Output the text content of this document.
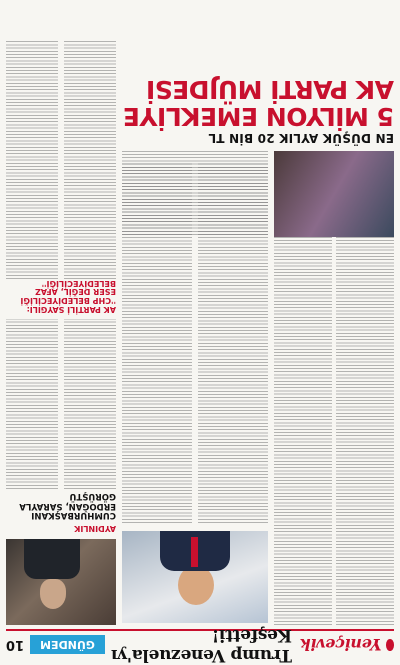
Yeniçevik
Trump Venezuela'yı Keşfetti!
GÜNDEM
10
AYDINLIK
CUMHURBAŞKANI ERDOĞAN, SARAYLA GÖRÜŞTÜ
AK PARTİLİ SAYGILI: ''CHP BELEDİYECİLİĞİ ESER DEĞİL, AFAZ BELEDİYECİLİĞİ''
EN DÜŞÜK AYLIK 20 BİN TL
5 MİLYON EMEKLİYE
AK PARTİ MÜJDESİ
